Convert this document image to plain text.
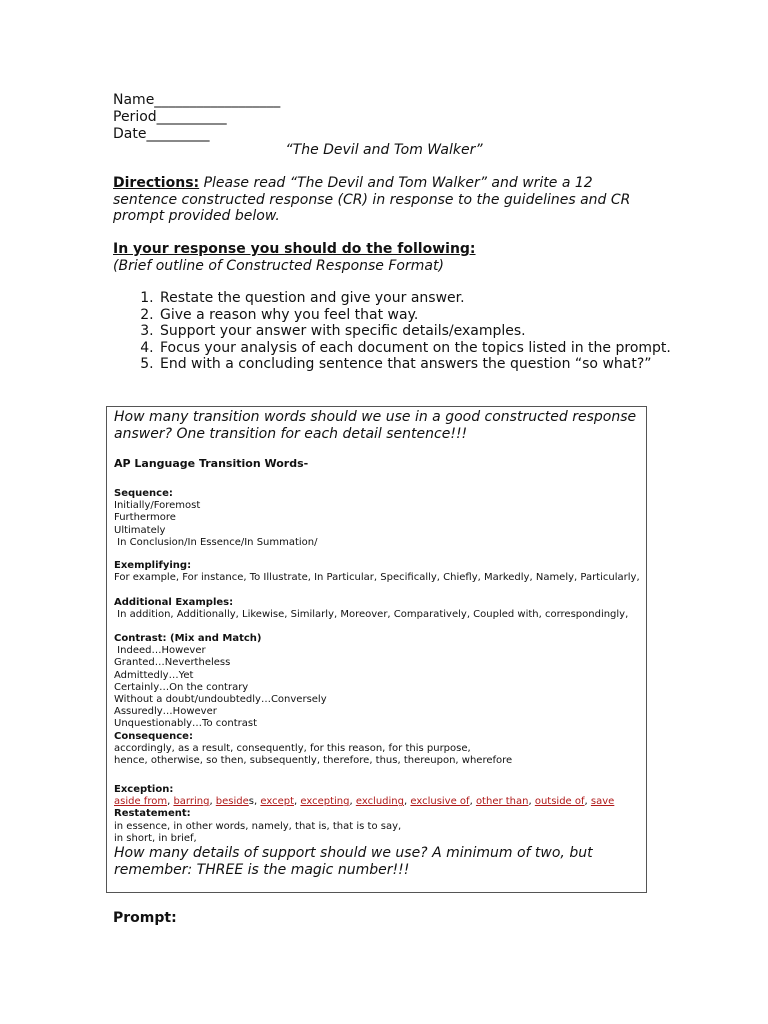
Name__________________
Period__________
Date_________
“The Devil and Tom Walker”
Directions: Please read “The Devil and Tom Walker” and write a 12 sentence constructed response (CR) in response to the guidelines and CR prompt provided below.
In your response you should do the following:
(Brief outline of Constructed Response Format)
1. Restate the question and give your answer.
2. Give a reason why you feel that way.
3. Support your answer with specific details/examples.
4. Focus your analysis of each document on the topics listed in the prompt.
5. End with a concluding sentence that answers the question “so what?”
How many transition words should we use in a good constructed response answer? One transition for each detail sentence!!!
AP Language Transition Words-
Sequence:
Initially/Foremost
Furthermore
Ultimately
In Conclusion/In Essence/In Summation/
Exemplifying:
For example, For instance, To Illustrate, In Particular, Specifically, Chiefly, Markedly, Namely, Particularly,
Additional Examples:
In addition, Additionally, Likewise, Similarly, Moreover, Comparatively, Coupled with, correspondingly,
Contrast: (Mix and Match)
Indeed…However
Granted…Nevertheless
Admittedly…Yet
Certainly…On the contrary
Without a doubt/undoubtedly…Conversely
Assuredly…However
Unquestionably…To contrast
Consequence:
accordingly, as a result, consequently, for this reason, for this purpose,
hence, otherwise, so then, subsequently, therefore, thus, thereupon, wherefore
Exception:
aside from, barring, besides, except, excepting, excluding, exclusive of, other than, outside of, save
Restatement:
in essence, in other words, namely, that is, that is to say,
in short, in brief,
How many details of support should we use? A minimum of two, but remember: THREE is the magic number!!!
Prompt:
